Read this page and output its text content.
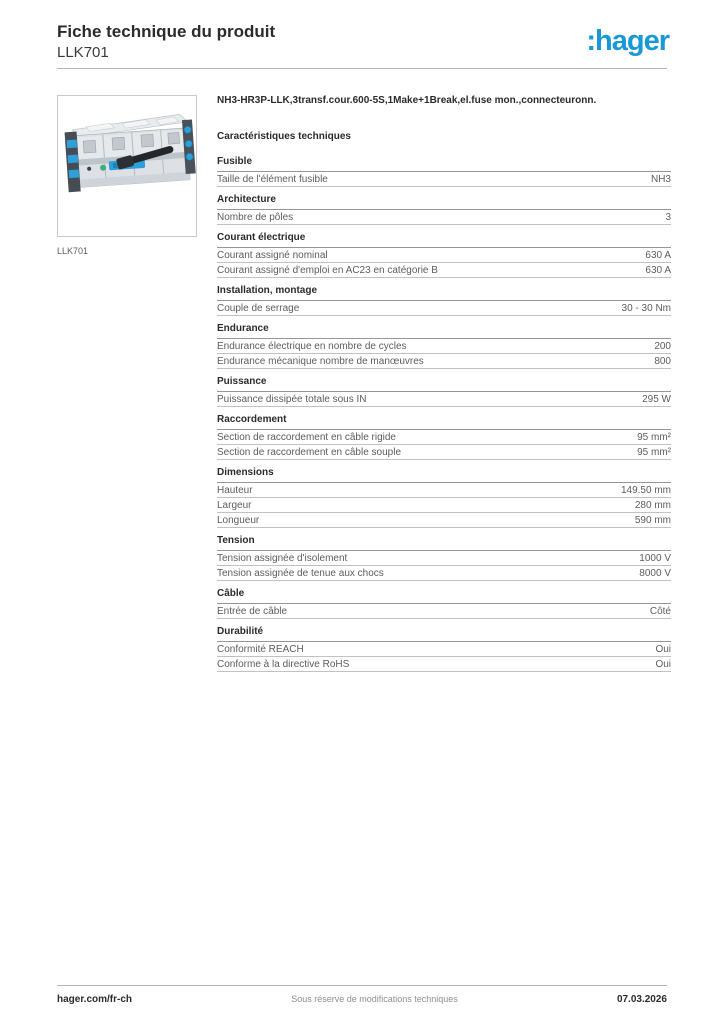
Fiche technique du produit
LLK701	:hager
LLK701
NH3-HR3P-LLK,3transf.cour.600-5S,1Make+1Break,el.fuse mon.,connecteuronn.
Caractéristiques techniques
Fusible
Taille de l'élément fusible	NH3
Architecture
Nombre de pôles	3
Courant électrique
Courant assigné nominal	630 A
Courant assigné d'emploi en AC23 en catégorie B	630 A
Installation, montage
Couple de serrage	30 - 30 Nm
Endurance
Endurance électrique en nombre de cycles	200
Endurance mécanique nombre de manœuvres	800
Puissance
Puissance dissipée totale sous IN	295 W
Raccordement
Section de raccordement en câble rigide	95 mm²
Section de raccordement en câble souple	95 mm²
Dimensions
Hauteur	149.50 mm
Largeur	280 mm
Longueur	590 mm
Tension
Tension assignée d'isolement	1000 V
Tension assignée de tenue aux chocs	8000 V
Câble
Entrée de câble	Côté
Durabilité
Conformité REACH	Oui
Conforme à la directive RoHS	Oui
hager.com/fr-ch	Sous réserve de modifications techniques	07.03.2026
